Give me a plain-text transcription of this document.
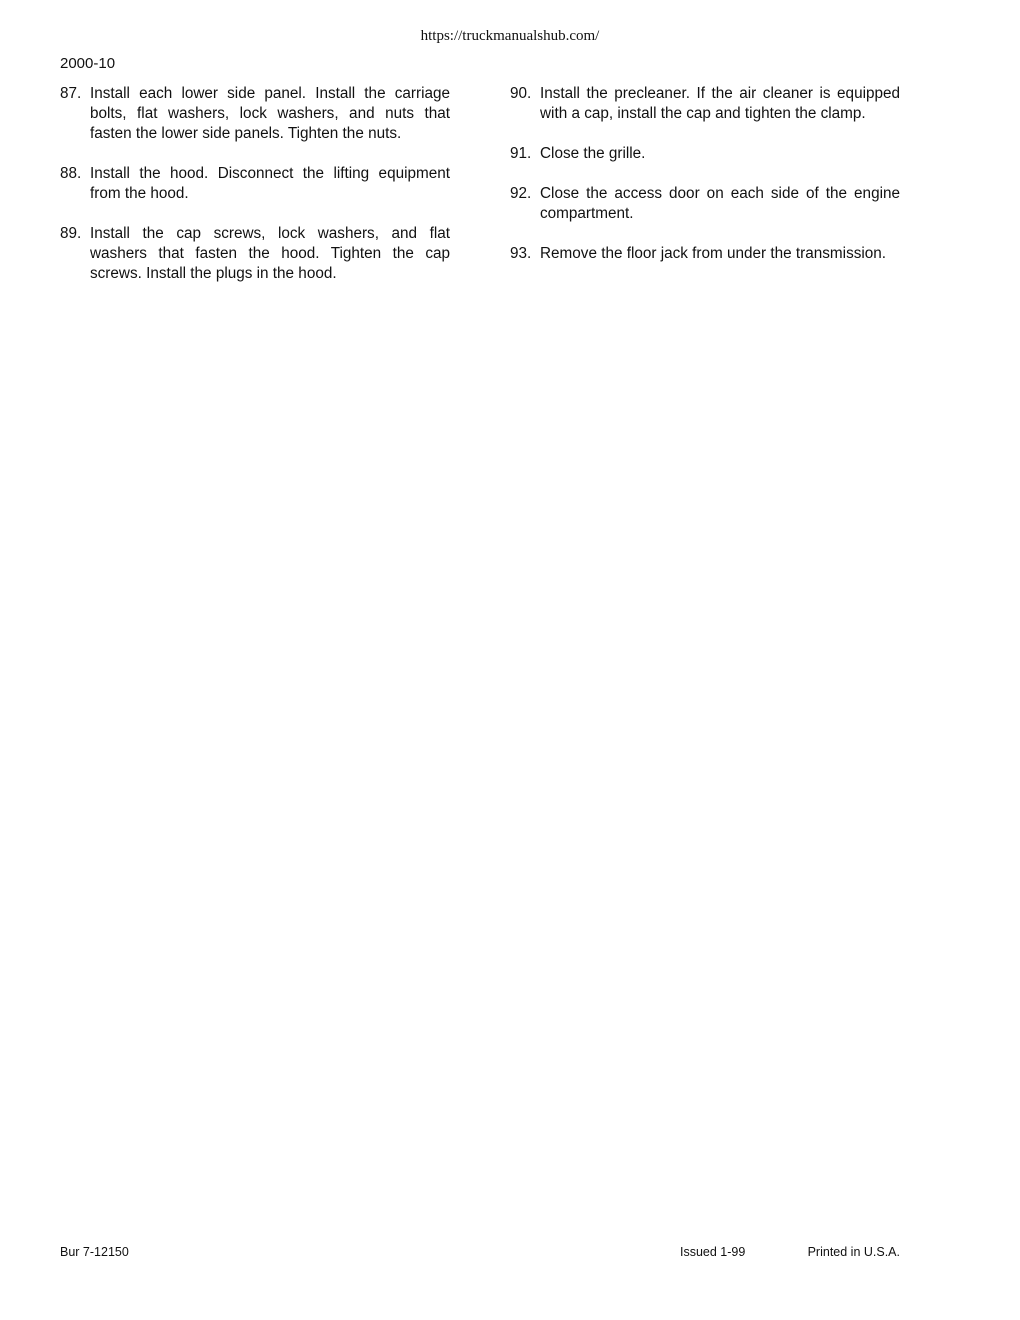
https://truckmanualshub.com/
2000-10
87. Install each lower side panel. Install the carriage bolts, flat washers, lock washers, and nuts that fasten the lower side panels. Tighten the nuts.
88. Install the hood. Disconnect the lifting equipment from the hood.
89. Install the cap screws, lock washers, and flat washers that fasten the hood. Tighten the cap screws. Install the plugs in the hood.
90. Install the precleaner. If the air cleaner is equipped with a cap, install the cap and tighten the clamp.
91. Close the grille.
92. Close the access door on each side of the engine compartment.
93. Remove the floor jack from under the transmission.
Bur 7-12150	Issued 1-99	Printed in U.S.A.
